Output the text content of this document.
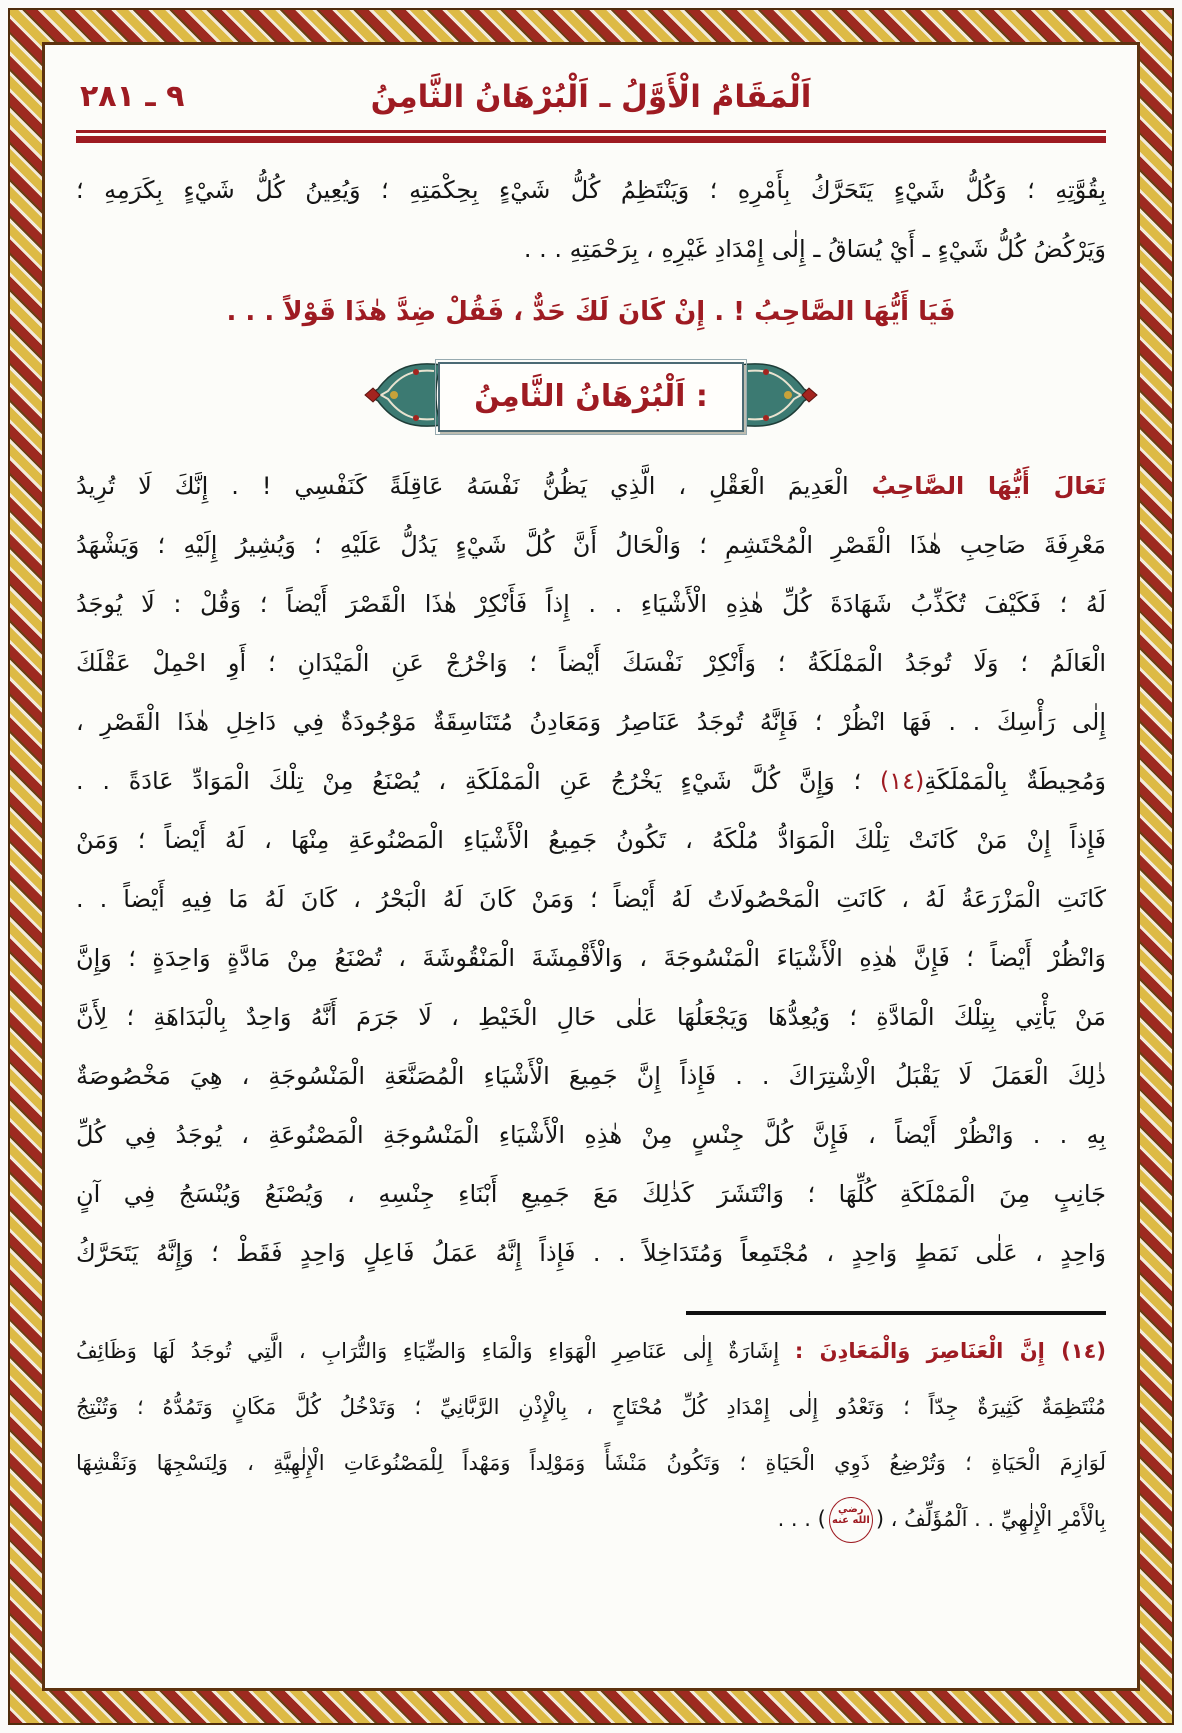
اَلْمَقَامُ الْأَوَّلُ ـ اَلْبُرْهَانُ الثَّامِنُ
٩ ـ ٢٨١
بِقُوَّتِهِ ؛ وَكُلُّ شَيْءٍ يَتَحَرَّكُ بِأَمْرِهِ ؛ وَيَنْتَظِمُ كُلُّ شَيْءٍ بِحِكْمَتِهِ ؛ وَيُعِينُ كُلُّ شَيْءٍ بِكَرَمِهِ ؛
وَيَرْكُضُ كُلُّ شَيْءٍ ـ أَيْ يُسَاقُ ـ إِلٰى إِمْدَادِ غَيْرِهِ ، بِرَحْمَتِهِ . . .
فَيَا أَيُّهَا الصَّاحِبُ ! . إِنْ كَانَ لَكَ حَدٌّ ، فَقُلْ ضِدَّ هٰذَا قَوْلاً . . .
اَلْبُرْهَانُ الثَّامِنُ :
تَعَالَ أَيُّهَا الصَّاحِبُ الْعَدِيمَ الْعَقْلِ ، الَّذِي يَظُنُّ نَفْسَهُ عَاقِلَةً كَنَفْسِي ! . إِنَّكَ لَا تُرِيدُ
مَعْرِفَةَ صَاحِبِ هٰذَا الْقَصْرِ الْمُحْتَشِمِ ؛ وَالْحَالُ أَنَّ كُلَّ شَيْءٍ يَدُلُّ عَلَيْهِ ؛ وَيُشِيرُ إِلَيْهِ ؛ وَيَشْهَدُ
لَهُ ؛ فَكَيْفَ تُكَذِّبُ شَهَادَةَ كُلِّ هٰذِهِ الْأَشْيَاءِ . . إِذاً فَأَنْكِرْ هٰذَا الْقَصْرَ أَيْضاً ؛ وَقُلْ : لَا يُوجَدُ
الْعَالَمُ ؛ وَلَا تُوجَدُ الْمَمْلَكَةُ ؛ وَأَنْكِرْ نَفْسَكَ أَيْضاً ؛ وَاخْرُجْ عَنِ الْمَيْدَانِ ؛ أَوِ احْمِلْ عَقْلَكَ
إِلٰى رَأْسِكَ . . فَهَا انْظُرْ ؛ فَإِنَّهُ تُوجَدُ عَنَاصِرُ وَمَعَادِنُ مُتَنَاسِقَةٌ مَوْجُودَةٌ فِي دَاخِلِ هٰذَا الْقَصْرِ ،
وَمُحِيطَةٌ بِالْمَمْلَكَةِ(١٤) ؛ وَإِنَّ كُلَّ شَيْءٍ يَخْرُجُ عَنِ الْمَمْلَكَةِ ، يُصْنَعُ مِنْ تِلْكَ الْمَوَادِّ عَادَةً . .
فَإِذاً إِنْ مَنْ كَانَتْ تِلْكَ الْمَوَادُّ مُلْكَهُ ، تَكُونُ جَمِيعُ الْأَشْيَاءِ الْمَصْنُوعَةِ مِنْهَا ، لَهُ أَيْضاً ؛ وَمَنْ
كَانَتِ الْمَزْرَعَةُ لَهُ ، كَانَتِ الْمَحْصُولَاتُ لَهُ أَيْضاً ؛ وَمَنْ كَانَ لَهُ الْبَحْرُ ، كَانَ لَهُ مَا فِيهِ أَيْضاً . .
وَانْظُرْ أَيْضاً ؛ فَإِنَّ هٰذِهِ الْأَشْيَاءَ الْمَنْسُوجَةَ ، وَالْأَقْمِشَةَ الْمَنْقُوشَةَ ، تُصْنَعُ مِنْ مَادَّةٍ وَاحِدَةٍ ؛ وَإِنَّ
مَنْ يَأْتِي بِتِلْكَ الْمَادَّةِ ؛ وَيُعِدُّهَا وَيَجْعَلُهَا عَلٰى حَالِ الْخَيْطِ ، لَا جَرَمَ أَنَّهُ وَاحِدٌ بِالْبَدَاهَةِ ؛ لِأَنَّ
ذٰلِكَ الْعَمَلَ لَا يَقْبَلُ الْاِشْتِرَاكَ . . فَإِذاً إِنَّ جَمِيعَ الْأَشْيَاءِ الْمُصَنَّعَةِ الْمَنْسُوجَةِ ، هِيَ مَخْصُوصَةٌ
بِهِ . . وَانْظُرْ أَيْضاً ، فَإِنَّ كُلَّ جِنْسٍ مِنْ هٰذِهِ الْأَشْيَاءِ الْمَنْسُوجَةِ الْمَصْنُوعَةِ ، يُوجَدُ فِي كُلِّ
جَانِبٍ مِنَ الْمَمْلَكَةِ كُلِّهَا ؛ وَانْتَشَرَ كَذٰلِكَ مَعَ جَمِيعِ أَبْنَاءِ جِنْسِهِ ، وَيُصْنَعُ وَيُنْسَجُ فِي آنٍ
وَاحِدٍ ، عَلٰى نَمَطٍ وَاحِدٍ ، مُجْتَمِعاً وَمُتَدَاخِلاً . . فَإِذاً إِنَّهُ عَمَلُ فَاعِلٍ وَاحِدٍ فَقَطْ ؛ وَإِنَّهُ يَتَحَرَّكُ
(١٤) إِنَّ الْعَنَاصِرَ وَالْمَعَادِنَ : إِشَارَةٌ إِلٰى عَنَاصِرِ الْهَوَاءِ وَالْمَاءِ وَالضِّيَاءِ وَالتُّرَابِ ، الَّتِي تُوجَدُ لَهَا وَظَائِفُ
مُنْتَظِمَةٌ كَثِيرَةٌ جِدّاً ؛ وَتَعْدُو إِلٰى إِمْدَادِ كُلِّ مُحْتَاجٍ ، بِالْإِذْنِ الرَّبَّانِيِّ ؛ وَتَدْخُلُ كُلَّ مَكَانٍ وَتَمُدُّهُ ؛ وَتُنْتِجُ
لَوَازِمَ الْحَيَاةِ ؛ وَتُرْضِعُ ذَوِي الْحَيَاةِ ؛ وَتَكُونُ مَنْشَأً وَمَوْلِداً وَمَهْداً لِلْمَصْنُوعَاتِ الْإِلٰهِيَّةِ ، وَلِنَسْجِهَا وَنَقْشِهَا
بِالْأَمْرِ الْإِلٰهِيِّ . . اَلْمُؤَلِّفُ ، (رضي الله عنه) . . .
